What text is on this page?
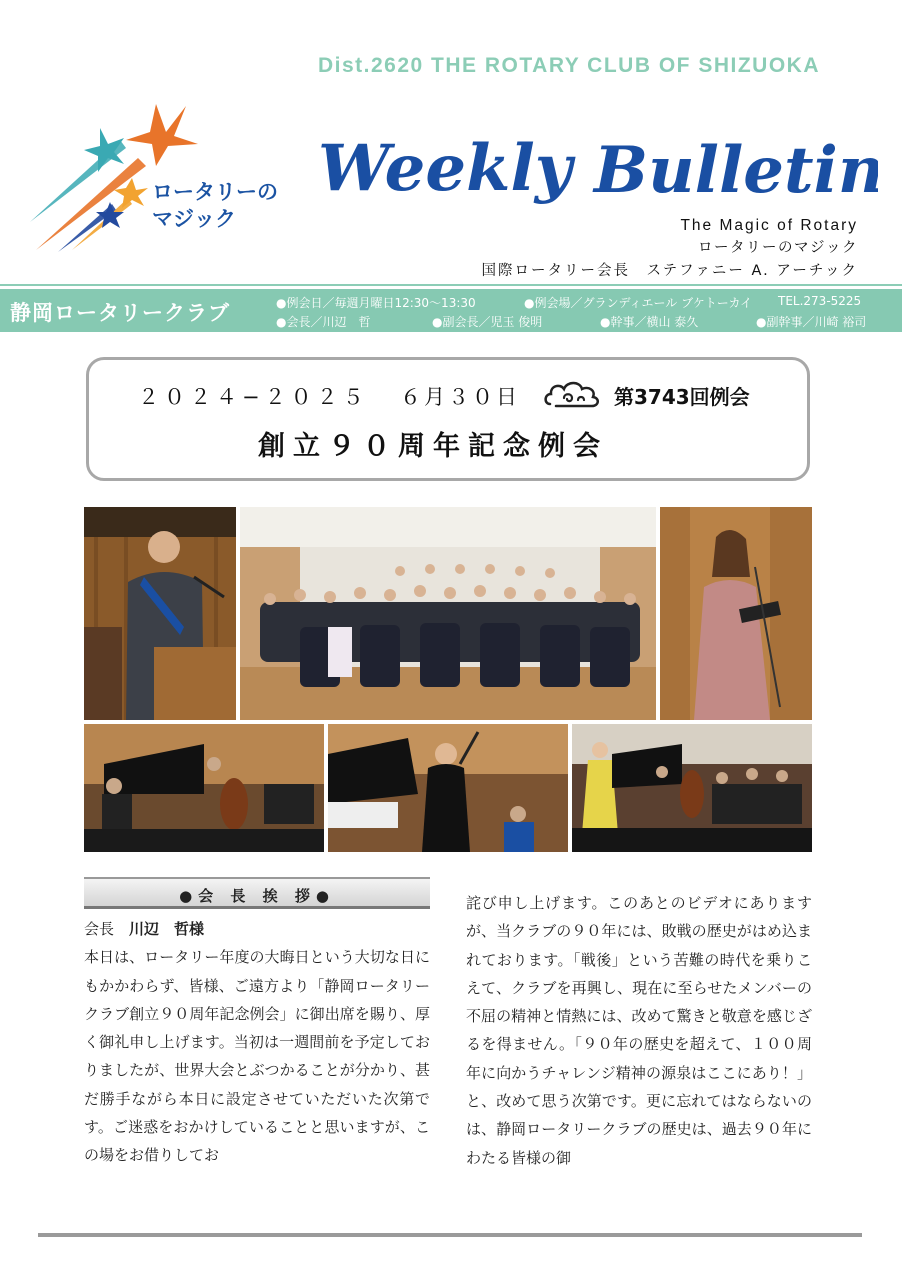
Dist.2620 THE ROTARY CLUB OF SHIZUOKA
ロータリーの
マジック
Weekly Bulletin
The Magic of Rotary
ロータリーのマジック
国際ロータリー会長　ステファニー A. アーチック
静岡ロータリークラブ	●例会日／毎週月曜日12:30～13:30	●例会場／グランディエール ブケトーカイ TEL.273-5225
●会長／川辺　哲	●副会長／児玉 俊明	●幹事／横山 泰久	●副幹事／川崎 裕司
２０２４−２０２５ ６月３０日	第3743回例会
創立９０周年記念例会
●会 長 挨 拶●
会長　 川辺　哲様
本日は、ロータリー年度の大晦日という大切な日にもかかわらず、皆様、ご遠方より「静岡ロータリークラブ創立９０周年記念例会」に御出席を賜り、厚く御礼申し上げます。当初は一週間前を予定しておりましたが、世界大会とぶつかることが分かり、甚だ勝手ながら本日に設定させていただいた次第です。ご迷惑をおかけしていることと思いますが、この場をお借りしてお
詫び申し上げます。このあとのビデオにありますが、当クラブの９０年には、敗戦の歴史がはめ込まれております。「戦後」という苦難の時代を乗りこえて、クラブを再興し、現在に至らせたメンバーの不屈の精神と情熱には、改めて驚きと敬意を感じざるを得ません。「９０年の歴史を超えて、１００周年に向かうチャレンジ精神の源泉はここにあり！」と、改めて思う次第です。更に忘れてはならないのは、静岡ロータリークラブの歴史は、過去９０年にわたる皆様の御
